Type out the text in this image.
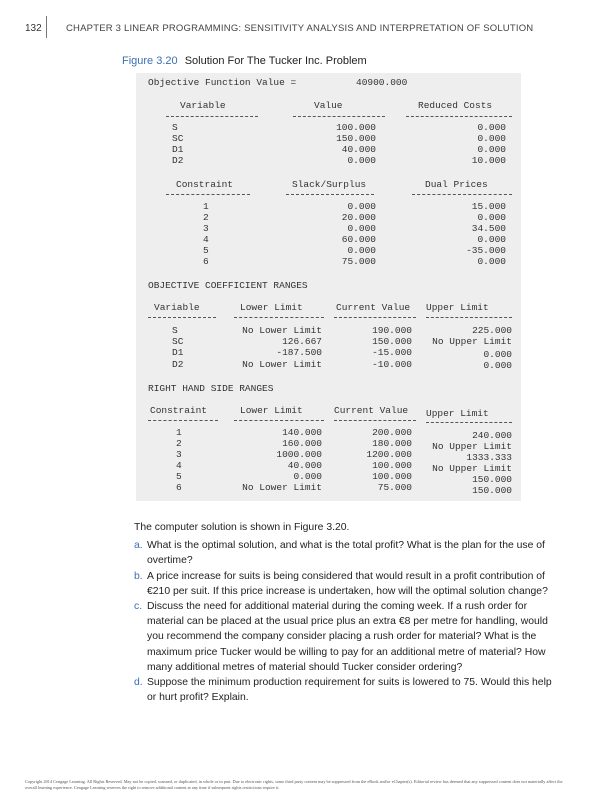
132	CHAPTER 3 LINEAR PROGRAMMING: SENSITIVITY ANALYSIS AND INTERPRETATION OF SOLUTION
Figure 3.20 Solution For The Tucker Inc. Problem
Objective Function Value =	40900.000
Variable	Value	Reduced Costs
S	100.000	0.000
SC	150.000	0.000
D1	40.000	0.000
D2	0.000	10.000
Constraint	Slack/Surplus	Dual Prices
1	0.000	15.000
2	20.000	0.000
3	0.000	34.500
4	60.000	0.000
5	0.000	-35.000
6	75.000	0.000
OBJECTIVE COEFFICIENT RANGES
Variable	Lower Limit	Current Value Upper Limit
S	No Lower Limit	190.000	225.000
SC	126.667	150.000	No Upper Limit
D1	-187.500	-15.000	0.000
D2	No Lower Limit	-10.000	0.000
RIGHT HAND SIDE RANGES
Constraint	Lower Limit	Current Value Upper Limit
1	140.000	200.000	240.000
2	160.000	180.000	No Upper Limit
3	1000.000	1200.000	1333.333
4	40.000	100.000	No Upper Limit
5	0.000	100.000	150.000
6	No Lower Limit	75.000	150.000
The computer solution is shown in Figure 3.20.
a. What is the optimal solution, and what is the total profit? What is the plan for the use of overtime?
b. A price increase for suits is being considered that would result in a profit contribution of €210 per suit. If this price increase is undertaken, how will the optimal solution change?
c. Discuss the need for additional material during the coming week. If a rush order for material can be placed at the usual price plus an extra €8 per metre for handling, would you recommend the company consider placing a rush order for material? What is the maximum price Tucker would be willing to pay for an additional metre of material? How many additional metres of material should Tucker consider ordering?
d. Suppose the minimum production requirement for suits is lowered to 75. Would this help or hurt profit? Explain.
Copyright 2014 Cengage Learning. All Rights Reserved. May not be copied, scanned, or duplicated, in whole or in part. Due to electronic rights, some third party content may be suppressed from the eBook and/or eChapter(s). Editorial review has deemed that any suppressed content does not materially affect the overall learning experience. Cengage Learning reserves the right to remove additional content at any time if subsequent rights restrictions require it.
